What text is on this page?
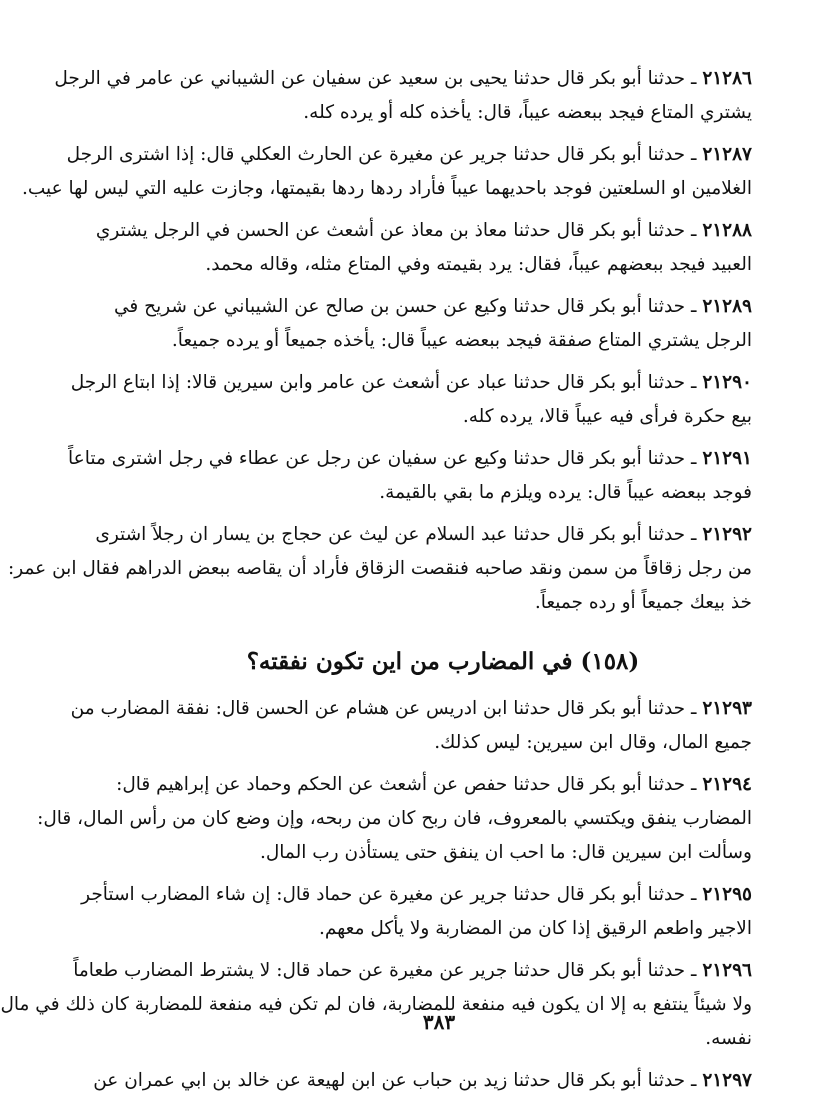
٢١٢٨٦ ـ حدثنا أبو بكر قال حدثنا يحيى بن سعيد عن سفيان عن الشيباني عن عامر في الرجل
يشتري المتاع فيجد ببعضه عيباً، قال: يأخذه كله أو يرده كله.
٢١٢٨٧ ـ حدثنا أبو بكر قال حدثنا جرير عن مغيرة عن الحارث العكلي قال: إذا اشترى الرجل
الغلامين او السلعتين فوجد باحديهما عيباً فأراد ردها ردها بقيمتها، وجازت عليه التي ليس لها عيب.
٢١٢٨٨ ـ حدثنا أبو بكر قال حدثنا معاذ بن معاذ عن أشعث عن الحسن في الرجل يشتري
العبيد فيجد ببعضهم عيباً، فقال: يرد بقيمته وفي المتاع مثله، وقاله محمد.
٢١٢٨٩ ـ حدثنا أبو بكر قال حدثنا وكيع عن حسن بن صالح عن الشيباني عن شريح في
الرجل يشتري المتاع صفقة فيجد ببعضه عيباً قال: يأخذه جميعاً أو يرده جميعاً.
٢١٢٩٠ ـ حدثنا أبو بكر قال حدثنا عباد عن أشعث عن عامر وابن سيرين قالا: إذا ابتاع الرجل
بيع حكرة فرأى فيه عيباً قالا، يرده كله.
٢١٢٩١ ـ حدثنا أبو بكر قال حدثنا وكيع عن سفيان عن رجل عن عطاء في رجل اشترى متاعاً
فوجد ببعضه عيباً قال: يرده ويلزم ما بقي بالقيمة.
٢١٢٩٢ ـ حدثنا أبو بكر قال حدثنا عبد السلام عن ليث عن حجاج بن يسار ان رجلاً اشترى
من رجل زقاقاً من سمن ونقد صاحبه فنقصت الزقاق فأراد أن يقاصه ببعض الدراهم فقال ابن عمر:
خذ بيعك جميعاً أو رده جميعاً.
(١٥٨) في المضارب من اين تكون نفقته؟
٢١٢٩٣ ـ حدثنا أبو بكر قال حدثنا ابن ادريس عن هشام عن الحسن قال: نفقة المضارب من
جميع المال، وقال ابن سيرين: ليس كذلك.
٢١٢٩٤ ـ حدثنا أبو بكر قال حدثنا حفص عن أشعث عن الحكم وحماد عن إبراهيم قال:
المضارب ينفق ويكتسي بالمعروف، فان ربح كان من ربحه، وإن وضع كان من رأس المال، قال:
وسألت ابن سيرين قال: ما احب ان ينفق حتى يستأذن رب المال.
٢١٢٩٥ ـ حدثنا أبو بكر قال حدثنا جرير عن مغيرة عن حماد قال: إن شاء المضارب استأجر
الاجير واطعم الرقيق إذا كان من المضاربة ولا يأكل معهم.
٢١٢٩٦ ـ حدثنا أبو بكر قال حدثنا جرير عن مغيرة عن حماد قال: لا يشترط المضارب طعاماً
ولا شيئاً ينتفع به إلا ان يكون فيه منفعة للمضاربة، فان لم تكن فيه منفعة للمضاربة كان ذلك في مال
نفسه.
٢١٢٩٧ ـ حدثنا أبو بكر قال حدثنا زيد بن حباب عن ابن لهيعة عن خالد بن ابي عمران عن
٣٨٣
